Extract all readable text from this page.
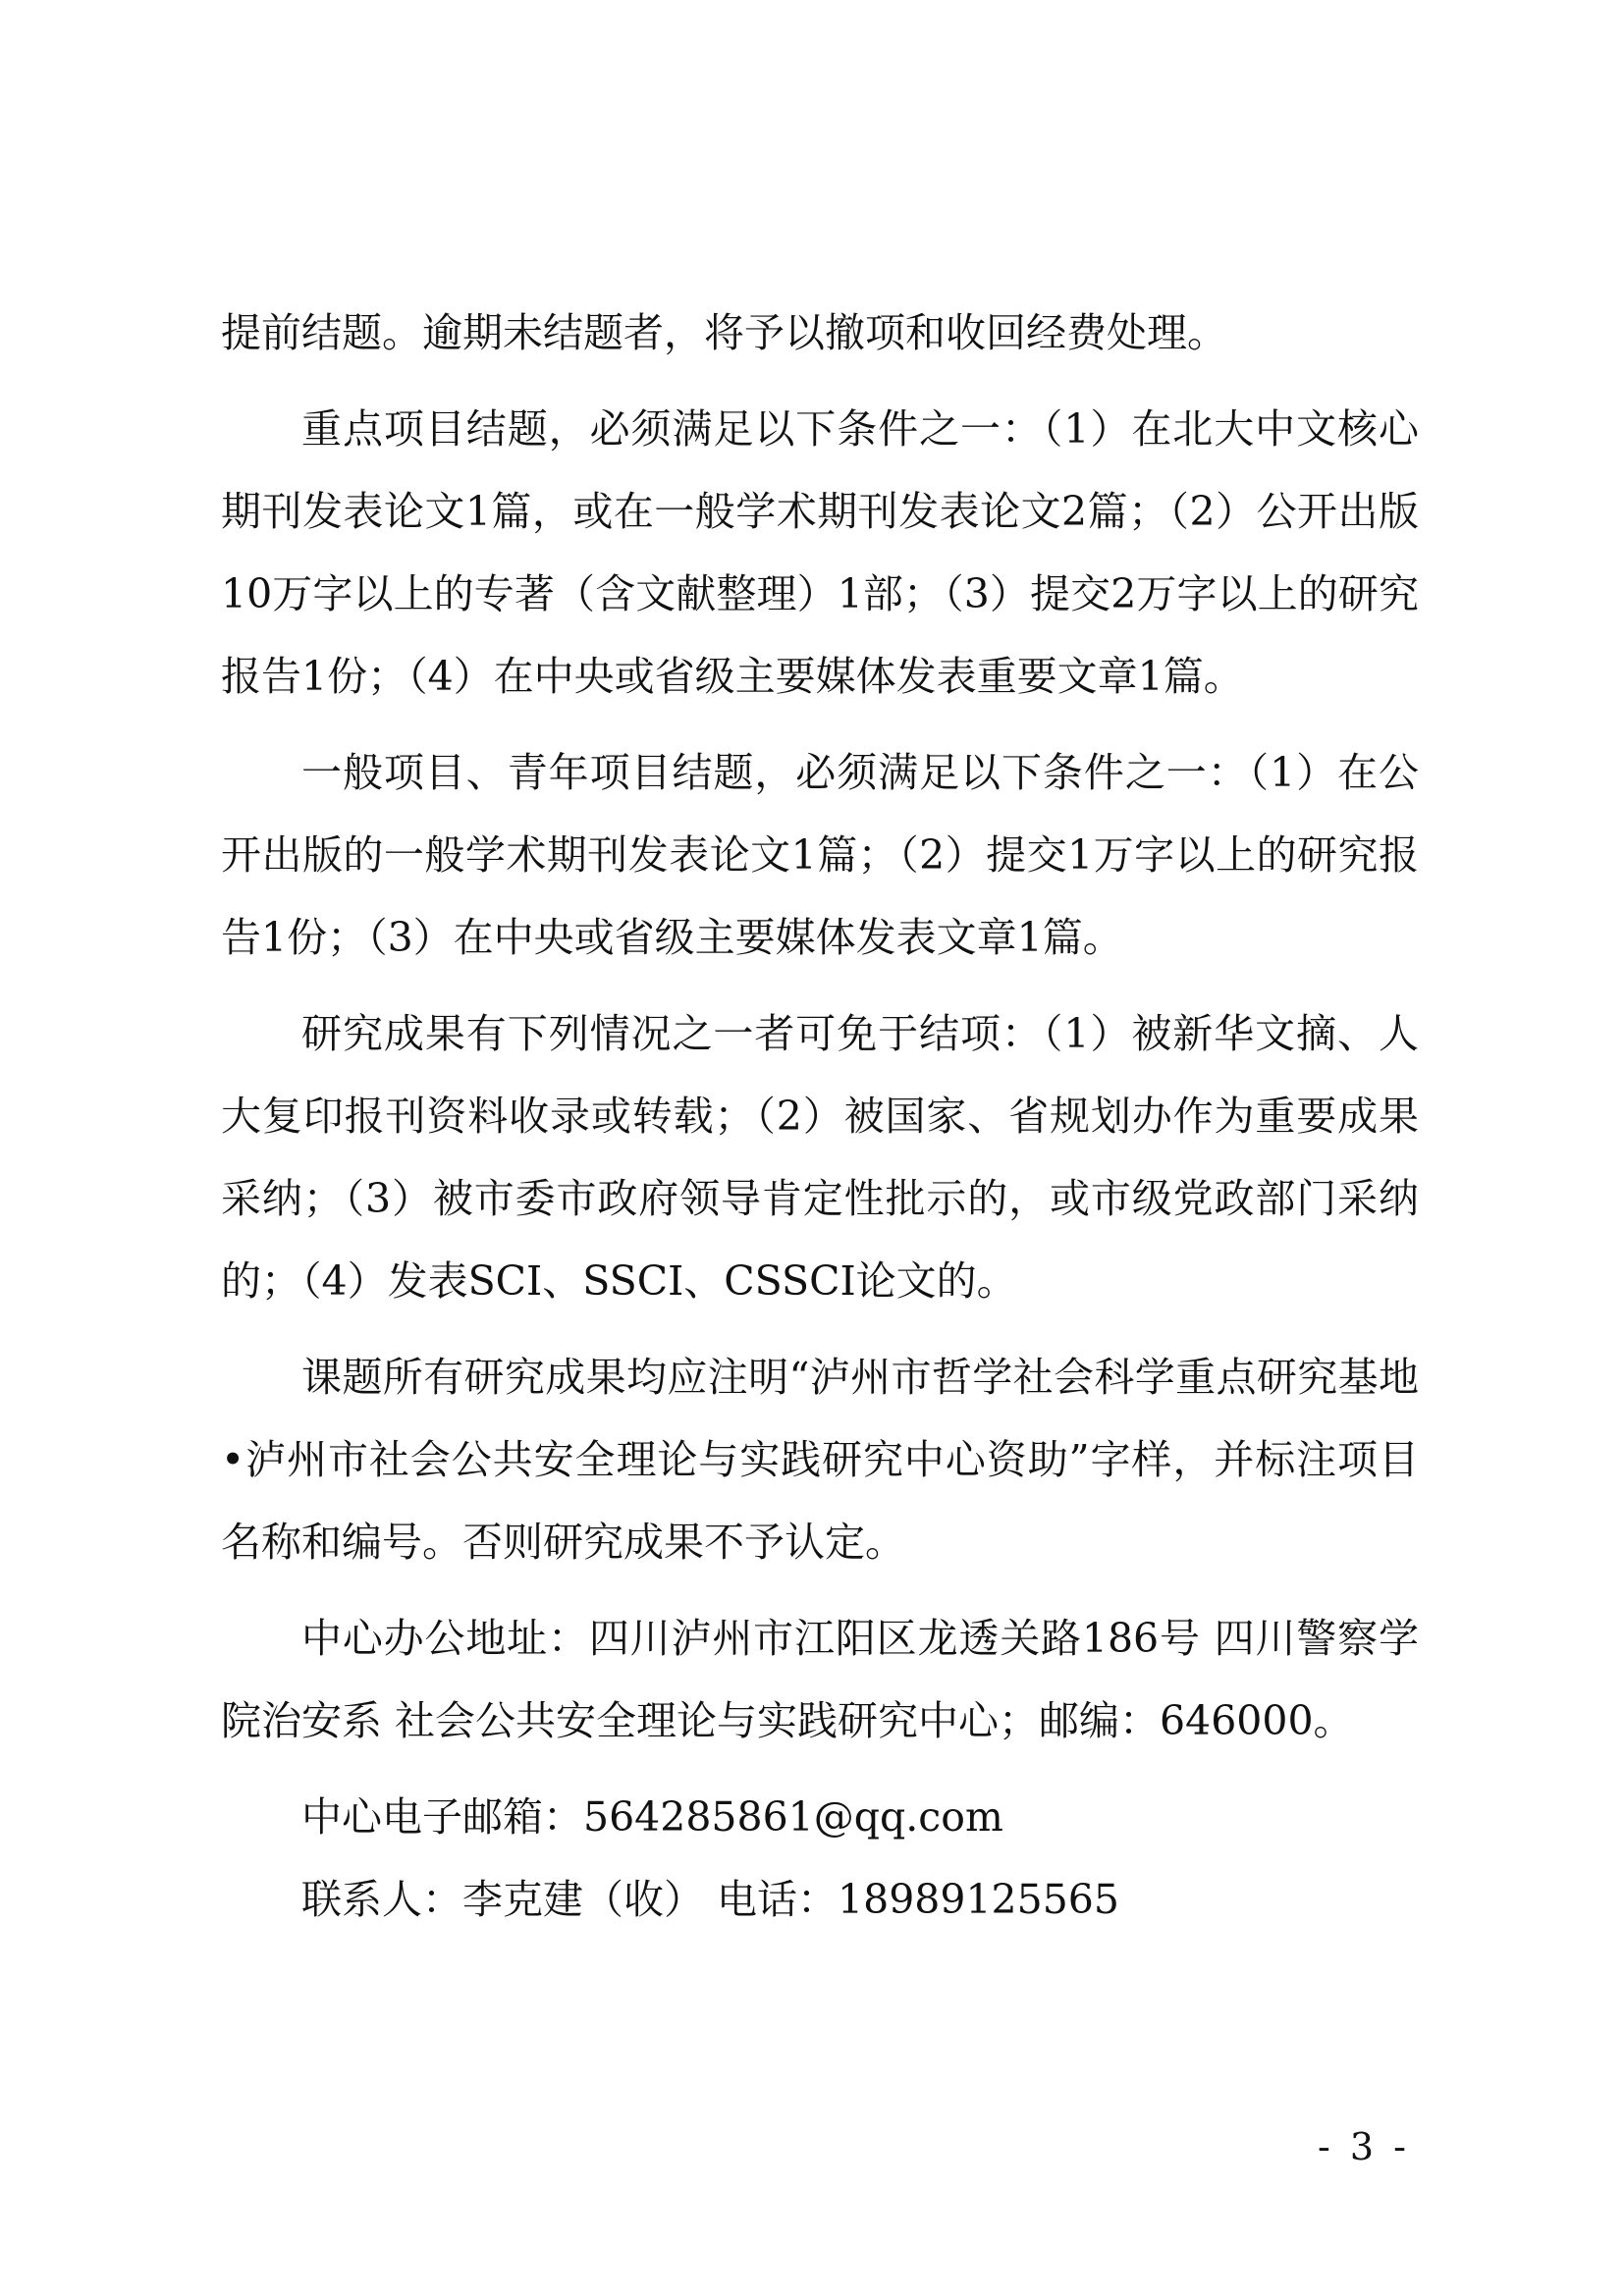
提前结题。逾期未结题者，将予以撤项和收回经费处理。

重点项目结题，必须满足以下条件之一：（1）在北大中文核心期刊发表论文1篇，或在一般学术期刊发表论文2篇；（2）公开出版10万字以上的专著（含文献整理）1部；（3）提交2万字以上的研究报告1份；（4）在中央或省级主要媒体发表重要文章1篇。

一般项目、青年项目结题，必须满足以下条件之一：（1）在公开出版的一般学术期刊发表论文1篇；（2）提交1万字以上的研究报告1份；（3）在中央或省级主要媒体发表文章1篇。

研究成果有下列情况之一者可免于结项：（1）被新华文摘、人大复印报刊资料收录或转载；（2）被国家、省规划办作为重要成果采纳；（3）被市委市政府领导肯定性批示的，或市级党政部门采纳的；（4）发表SCI、SSCI、CSSCI论文的。

课题所有研究成果均应注明“泸州市哲学社会科学重点研究基地•泸州市社会公共安全理论与实践研究中心资助”字样，并标注项目名称和编号。否则研究成果不予认定。

中心办公地址：四川泸州市江阳区龙透关路186号 四川警察学院治安系 社会公共安全理论与实践研究中心；邮编：646000。

中心电子邮箱：564285861@qq.com

联系人：李克建（收） 电话：18989125565

- 3 -
